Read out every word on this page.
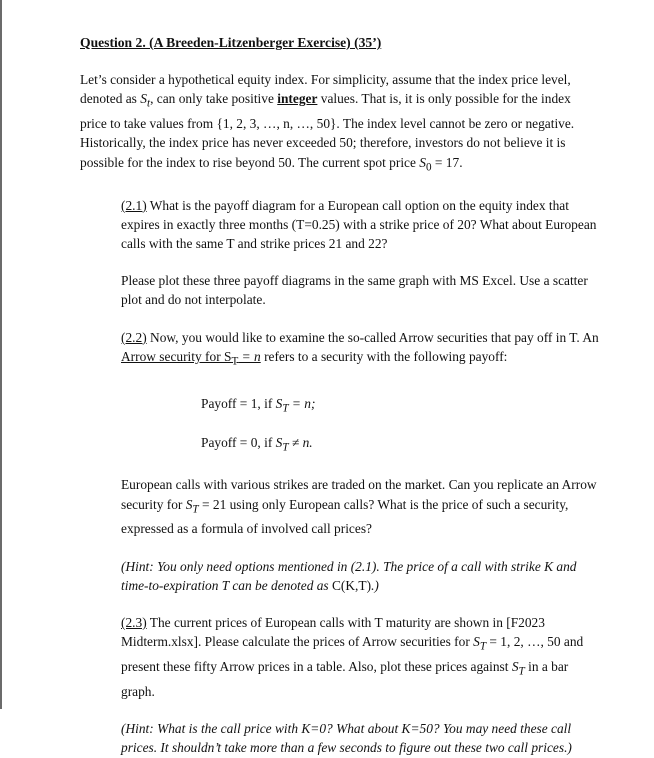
Question 2. (A Breeden-Litzenberger Exercise) (35’)

Let’s consider a hypothetical equity index. For simplicity, assume that the index price level, denoted as $S_t$, can only take positive integer values. That is, it is only possible for the index price to take values from {1, 2, 3, …, n, …, 50}. The index level cannot be zero or negative. Historically, the index price has never exceeded 50; therefore, investors do not believe it is possible for the index to rise beyond 50. The current spot price $S_0 = 17$.

(2.1) What is the payoff diagram for a European call option on the equity index that expires in exactly three months (T=0.25) with a strike price of 20? What about European calls with the same T and strike prices 21 and 22?

Please plot these three payoff diagrams in the same graph with MS Excel. Use a scatter plot and do not interpolate.

(2.2) Now, you would like to examine the so-called Arrow securities that pay off in T. An Arrow security for $S_T = n$ refers to a security with the following payoff:

Payoff = 1, if $S_T = n$;

Payoff = 0, if $S_T \ne n$.

European calls with various strikes are traded on the market. Can you replicate an Arrow security for $S_T = 21$ using only European calls? What is the price of such a security, expressed as a formula of involved call prices?

(Hint: You only need options mentioned in (2.1). The price of a call with strike K and time-to-expiration T can be denoted as C(K,T).)

(2.3) The current prices of European calls with T maturity are shown in [F2023 Midterm.xlsx]. Please calculate the prices of Arrow securities for $S_T = 1$, 2, …, 50 and present these fifty Arrow prices in a table. Also, plot these prices against $S_T$ in a bar graph.

(Hint: What is the call price with K=0? What about K=50? You may need these call prices. It shouldn’t take more than a few seconds to figure out these two call prices.)
